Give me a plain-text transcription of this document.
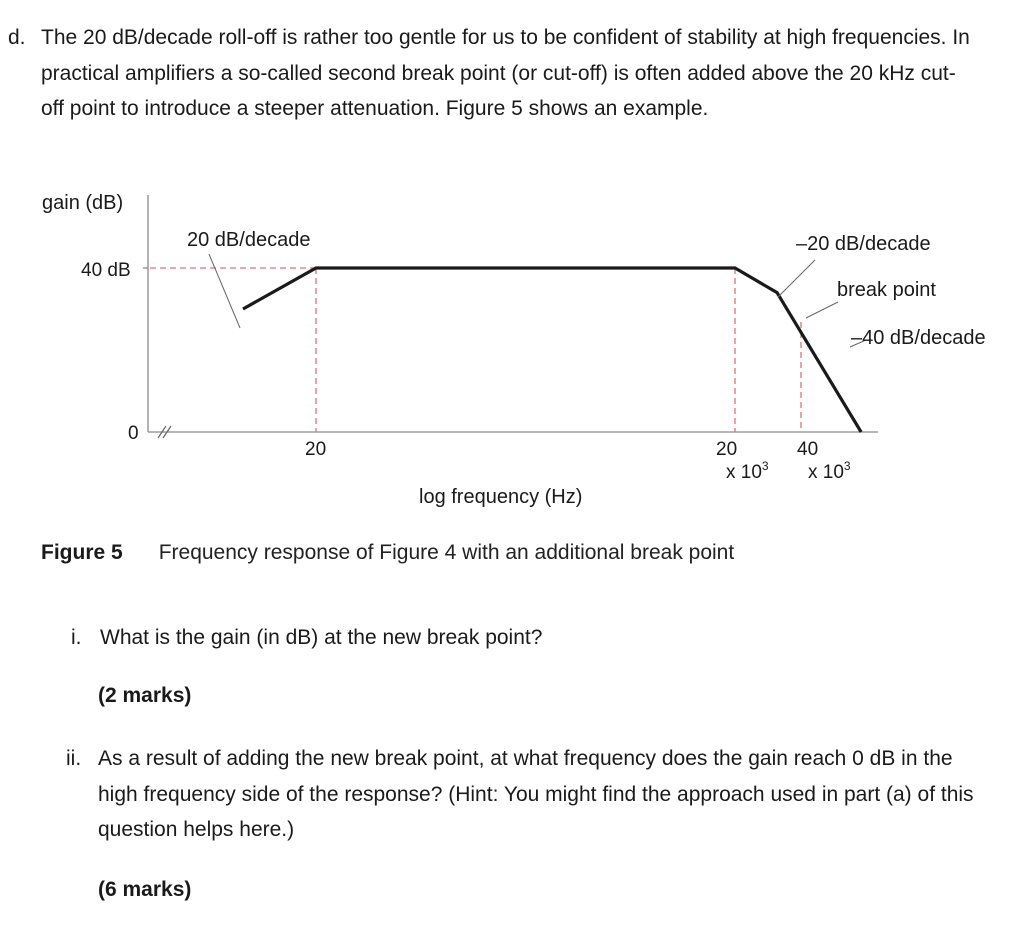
d. The 20 dB/decade roll-off is rather too gentle for us to be confident of stability at high frequencies. In practical amplifiers a so-called second break point (or cut-off) is often added above the 20 kHz cut-off point to introduce a steeper attenuation. Figure 5 shows an example.
gain (dB)
40 dB
0
20	20	40
x $10^3$ x $10^3$
log frequency (Hz)
20 dB/decade	–20 dB/decade
break point
–40 dB/decade
Figure 5 Frequency response of Figure 4 with an additional break point
i. What is the gain (in dB) at the new break point?
(2 marks)
ii. As a result of adding the new break point, at what frequency does the gain reach 0 dB in the high frequency side of the response? (Hint: You might find the approach used in part (a) of this question helps here.)
(6 marks)
